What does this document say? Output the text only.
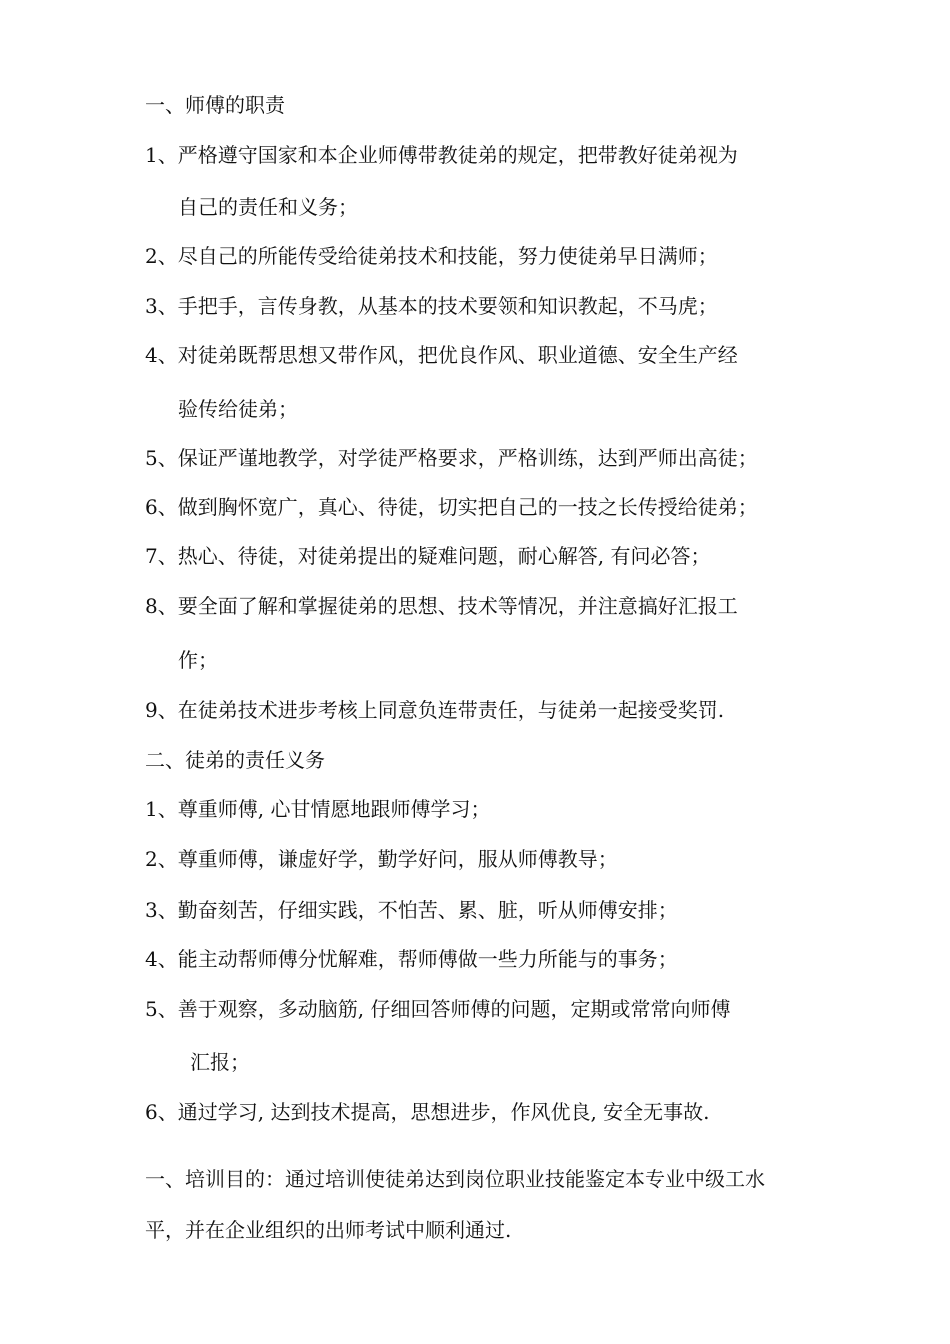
一、师傅的职责
1、严格遵守国家和本企业师傅带教徒弟的规定，把带教好徒弟视为
自己的责任和义务；
2、尽自己的所能传受给徒弟技术和技能，努力使徒弟早日满师；
3、手把手，言传身教，从基本的技术要领和知识教起，不马虎；
4、对徒弟既帮思想又带作风，把优良作风、职业道德、安全生产经
验传给徒弟；
5、保证严谨地教学，对学徒严格要求，严格训练，达到严师出高徒；
6、做到胸怀宽广，真心、待徒，切实把自己的一技之长传授给徒弟；
7、热心、待徒，对徒弟提出的疑难问题，耐心解答, 有问必答；
8、要全面了解和掌握徒弟的思想、技术等情况，并注意搞好汇报工
作；
9、在徒弟技术进步考核上同意负连带责任，与徒弟一起接受奖罚.
二、徒弟的责任义务
1、尊重师傅, 心甘情愿地跟师傅学习；
2、尊重师傅，谦虚好学，勤学好问，服从师傅教导；
3、勤奋刻苦，仔细实践，不怕苦、累、脏，听从师傅安排；
4、能主动帮师傅分忧解难，帮师傅做一些力所能与的事务；
5、善于观察，多动脑筋, 仔细回答师傅的问题，定期或常常向师傅
汇报；
6、通过学习, 达到技术提高，思想进步，作风优良, 安全无事故.
一、培训目的：通过培训使徒弟达到岗位职业技能鉴定本专业中级工水
平，并在企业组织的出师考试中顺利通过.
